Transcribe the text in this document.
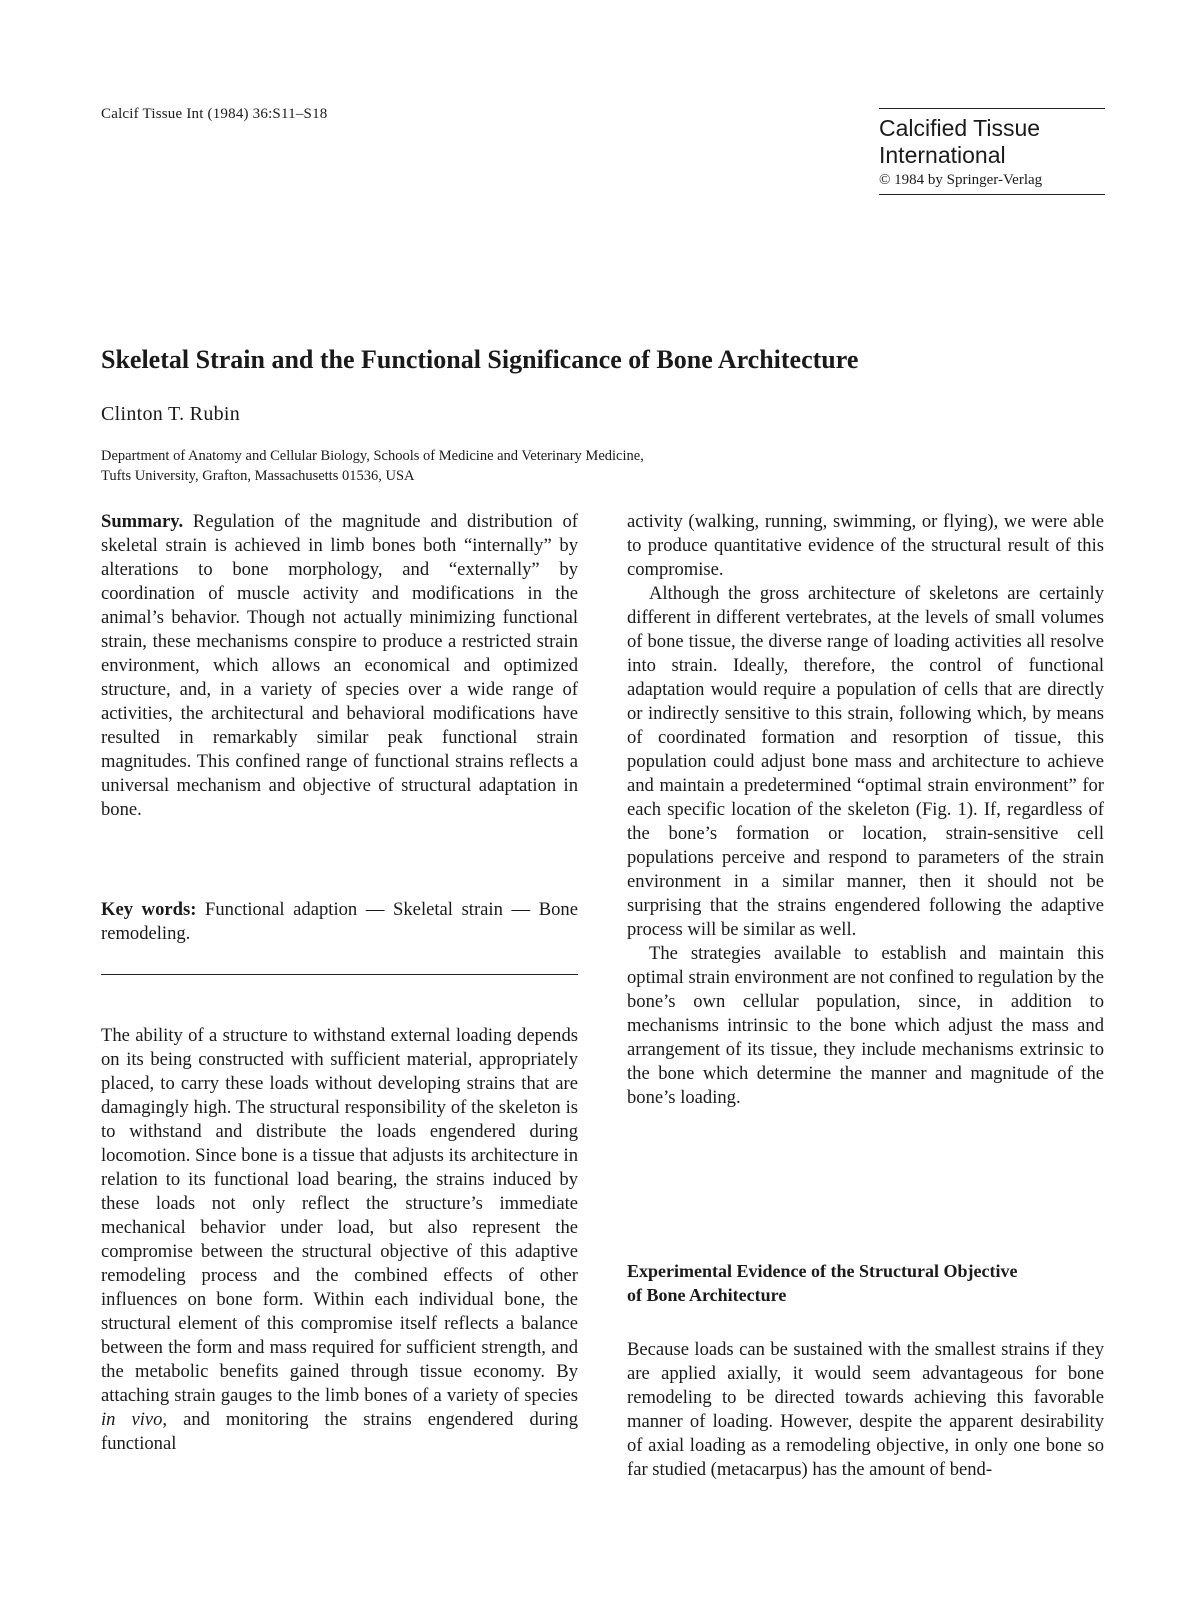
Calcif Tissue Int (1984) 36:S11–S18
Calcified Tissue
International
© 1984 by Springer-Verlag
Skeletal Strain and the Functional Significance of Bone Architecture
Clinton T. Rubin
Department of Anatomy and Cellular Biology, Schools of Medicine and Veterinary Medicine,
Tufts University, Grafton, Massachusetts 01536, USA

Summary. Regulation of the magnitude and distribution of skeletal strain is achieved in limb bones both “internally” by alterations to bone morphology, and “externally” by coordination of muscle activity and modifications in the animal’s behavior. Though not actually minimizing functional strain, these mechanisms conspire to produce a restricted strain environment, which allows an economical and optimized structure, and, in a variety of species over a wide range of activities, the architectural and behavioral modifications have resulted in remarkably similar peak functional strain magnitudes. This confined range of functional strains reflects a universal mechanism and objective of structural adaptation in bone.

Key words: Functional adaption — Skeletal strain — Bone remodeling.

The ability of a structure to withstand external loading depends on its being constructed with sufficient material, appropriately placed, to carry these loads without developing strains that are damagingly high. The structural responsibility of the skeleton is to withstand and distribute the loads engendered during locomotion. Since bone is a tissue that adjusts its architecture in relation to its functional load bearing, the strains induced by these loads not only reflect the structure’s immediate mechanical behavior under load, but also represent the compromise between the structural objective of this adaptive remodeling process and the combined effects of other influences on bone form. Within each individual bone, the structural element of this compromise itself reflects a balance between the form and mass required for sufficient strength, and the metabolic benefits gained through tissue economy. By attaching strain gauges to the limb bones of a variety of species in vivo, and monitoring the strains engendered during functional

activity (walking, running, swimming, or flying), we were able to produce quantitative evidence of the structural result of this compromise.

Although the gross architecture of skeletons are certainly different in different vertebrates, at the levels of small volumes of bone tissue, the diverse range of loading activities all resolve into strain. Ideally, therefore, the control of functional adaptation would require a population of cells that are directly or indirectly sensitive to this strain, following which, by means of coordinated formation and resorption of tissue, this population could adjust bone mass and architecture to achieve and maintain a predetermined “optimal strain environment” for each specific location of the skeleton (Fig. 1). If, regardless of the bone’s formation or location, strain-sensitive cell populations perceive and respond to parameters of the strain environment in a similar manner, then it should not be surprising that the strains engendered following the adaptive process will be similar as well.

The strategies available to establish and maintain this optimal strain environment are not confined to regulation by the bone’s own cellular population, since, in addition to mechanisms intrinsic to the bone which adjust the mass and arrangement of its tissue, they include mechanisms extrinsic to the bone which determine the manner and magnitude of the bone’s loading.

Experimental Evidence of the Structural Objective
of Bone Architecture

Because loads can be sustained with the smallest strains if they are applied axially, it would seem advantageous for bone remodeling to be directed towards achieving this favorable manner of loading. However, despite the apparent desirability of axial loading as a remodeling objective, in only one bone so far studied (metacarpus) has the amount of bend-
